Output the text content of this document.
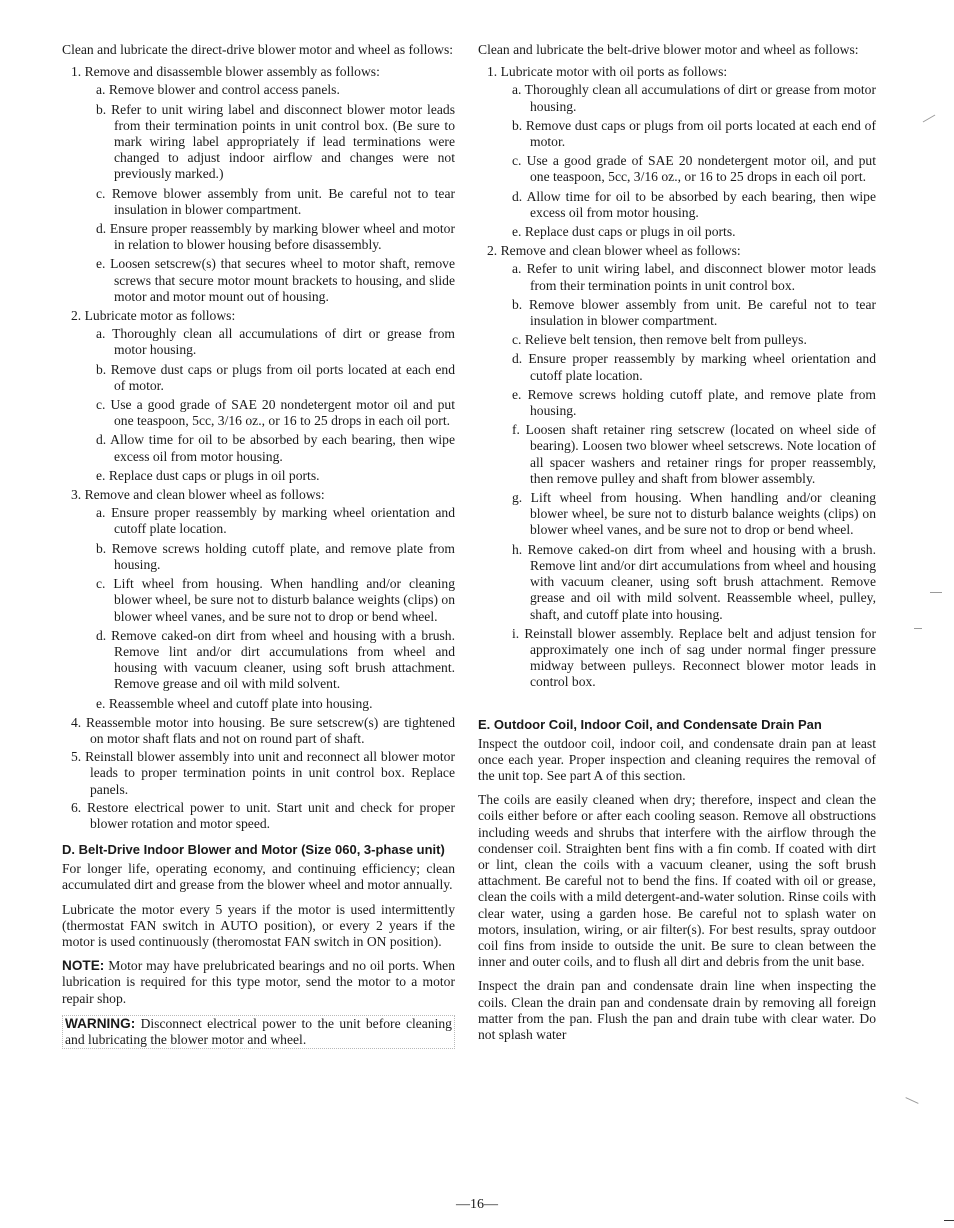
Clean and lubricate the direct-drive blower motor and wheel as follows:

1. Remove and disassemble blower assembly as follows:

a. Remove blower and control access panels.

b. Refer to unit wiring label and disconnect blower motor leads from their termination points in unit control box. (Be sure to mark wiring label appropriately if lead terminations were changed to adjust indoor airflow and changes were not previously marked.)

c. Remove blower assembly from unit. Be careful not to tear insulation in blower compartment.

d. Ensure proper reassembly by marking blower wheel and motor in relation to blower housing before disassembly.

e. Loosen setscrew(s) that secures wheel to motor shaft, remove screws that secure motor mount brackets to housing, and slide motor and motor mount out of housing.

2. Lubricate motor as follows:

a. Thoroughly clean all accumulations of dirt or grease from motor housing.

b. Remove dust caps or plugs from oil ports located at each end of motor.

c. Use a good grade of SAE 20 nondetergent motor oil and put one teaspoon, 5cc, 3/16 oz., or 16 to 25 drops in each oil port.

d. Allow time for oil to be absorbed by each bearing, then wipe excess oil from motor housing.

e. Replace dust caps or plugs in oil ports.

3. Remove and clean blower wheel as follows:

a. Ensure proper reassembly by marking wheel orientation and cutoff plate location.

b. Remove screws holding cutoff plate, and remove plate from housing.

c. Lift wheel from housing. When handling and/or cleaning blower wheel, be sure not to disturb balance weights (clips) on blower wheel vanes, and be sure not to drop or bend wheel.

d. Remove caked-on dirt from wheel and housing with a brush. Remove lint and/or dirt accumulations from wheel and housing with vacuum cleaner, using soft brush attachment. Remove grease and oil with mild solvent.

e. Reassemble wheel and cutoff plate into housing.

4. Reassemble motor into housing. Be sure setscrew(s) are tightened on motor shaft flats and not on round part of shaft.

5. Reinstall blower assembly into unit and reconnect all blower motor leads to proper termination points in unit control box. Replace panels.

6. Restore electrical power to unit. Start unit and check for proper blower rotation and motor speed.

D. Belt-Drive Indoor Blower and Motor (Size 060, 3-phase unit)

For longer life, operating economy, and continuing efficiency; clean accumulated dirt and grease from the blower wheel and motor annually.

Lubricate the motor every 5 years if the motor is used intermittently (thermostat FAN switch in AUTO position), or every 2 years if the motor is used continuously (theromostat FAN switch in ON position).

NOTE: Motor may have prelubricated bearings and no oil ports. When lubrication is required for this type motor, send the motor to a motor repair shop.

WARNING: Disconnect electrical power to the unit before cleaning and lubricating the blower motor and wheel.

Clean and lubricate the belt-drive blower motor and wheel as follows:

1. Lubricate motor with oil ports as follows:

a. Thoroughly clean all accumulations of dirt or grease from motor housing.

b. Remove dust caps or plugs from oil ports located at each end of motor.

c. Use a good grade of SAE 20 nondetergent motor oil, and put one teaspoon, 5cc, 3/16 oz., or 16 to 25 drops in each oil port.

d. Allow time for oil to be absorbed by each bearing, then wipe excess oil from motor housing.

e. Replace dust caps or plugs in oil ports.

2. Remove and clean blower wheel as follows:

a. Refer to unit wiring label, and disconnect blower motor leads from their termination points in unit control box.

b. Remove blower assembly from unit. Be careful not to tear insulation in blower compartment.

c. Relieve belt tension, then remove belt from pulleys.

d. Ensure proper reassembly by marking wheel orientation and cutoff plate location.

e. Remove screws holding cutoff plate, and remove plate from housing.

f. Loosen shaft retainer ring setscrew (located on wheel side of bearing). Loosen two blower wheel setscrews. Note location of all spacer washers and retainer rings for proper reassembly, then remove pulley and shaft from blower assembly.

g. Lift wheel from housing. When handling and/or cleaning blower wheel, be sure not to disturb balance weights (clips) on blower wheel vanes, and be sure not to drop or bend wheel.

h. Remove caked-on dirt from wheel and housing with a brush. Remove lint and/or dirt accumulations from wheel and housing with vacuum cleaner, using soft brush attachment. Remove grease and oil with mild solvent. Reassemble wheel, pulley, shaft, and cutoff plate into housing.

i. Reinstall blower assembly. Replace belt and adjust tension for approximately one inch of sag under normal finger pressure midway between pulleys. Reconnect blower motor leads in control box.

E. Outdoor Coil, Indoor Coil, and Condensate Drain Pan

Inspect the outdoor coil, indoor coil, and condensate drain pan at least once each year. Proper inspection and cleaning requires the removal of the unit top. See part A of this section.

The coils are easily cleaned when dry; therefore, inspect and clean the coils either before or after each cooling season. Remove all obstructions including weeds and shrubs that interfere with the airflow through the condenser coil. Straighten bent fins with a fin comb. If coated with dirt or lint, clean the coils with a vacuum cleaner, using the soft brush attachment. Be careful not to bend the fins. If coated with oil or grease, clean the coils with a mild detergent-and-water solution. Rinse coils with clear water, using a garden hose. Be careful not to splash water on motors, insulation, wiring, or air filter(s). For best results, spray outdoor coil fins from inside to outside the unit. Be sure to clean between the inner and outer coils, and to flush all dirt and debris from the unit base.

Inspect the drain pan and condensate drain line when inspecting the coils. Clean the drain pan and condensate drain by removing all foreign matter from the pan. Flush the pan and drain tube with clear water. Do not splash water

—16—
